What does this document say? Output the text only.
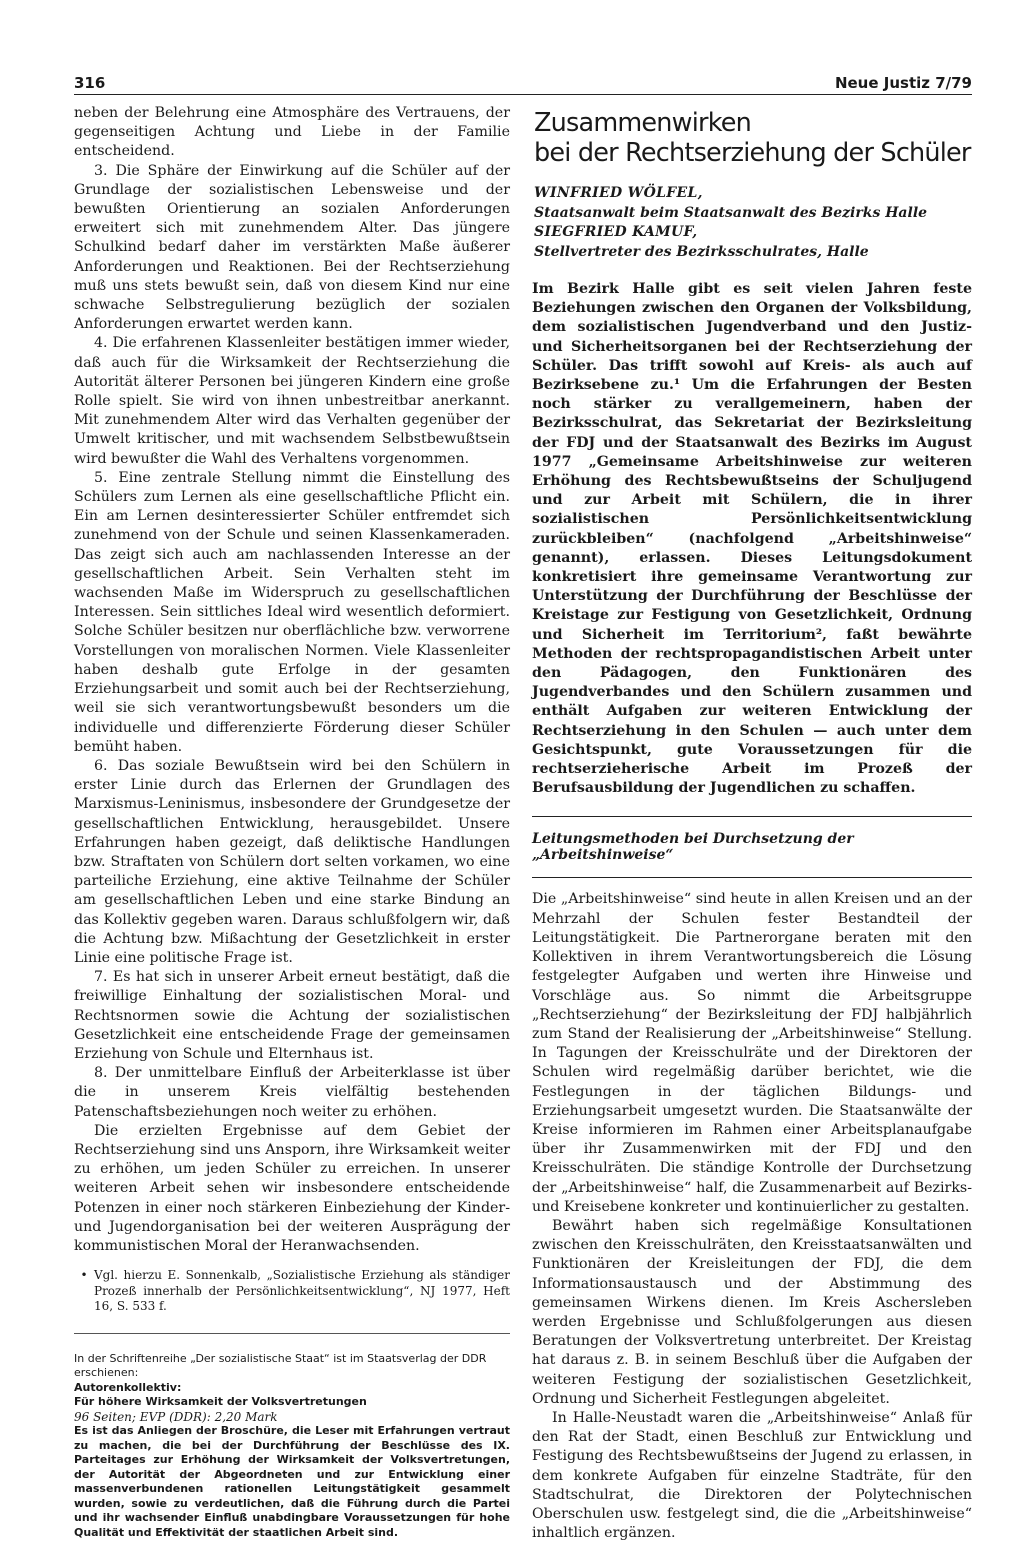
316	Neue Justiz 7/79

neben der Belehrung eine Atmosphäre des Vertrauens, der gegenseitigen Achtung und Liebe in der Familie entscheidend.

3. Die Sphäre der Einwirkung auf die Schüler auf der Grundlage der sozialistischen Lebensweise und der bewußten Orientierung an sozialen Anforderungen erweitert sich mit zunehmendem Alter. Das jüngere Schulkind bedarf daher im verstärkten Maße äußerer Anforderungen und Reaktionen. Bei der Rechtserziehung muß uns stets bewußt sein, daß von diesem Kind nur eine schwache Selbstregulierung bezüglich der sozialen Anforderungen erwartet werden kann.

4. Die erfahrenen Klassenleiter bestätigen immer wieder, daß auch für die Wirksamkeit der Rechtserziehung die Autorität älterer Personen bei jüngeren Kindern eine große Rolle spielt. Sie wird von ihnen unbestreitbar anerkannt. Mit zunehmendem Alter wird das Verhalten gegenüber der Umwelt kritischer, und mit wachsendem Selbstbewußtsein wird bewußter die Wahl des Verhaltens vorgenommen.

5. Eine zentrale Stellung nimmt die Einstellung des Schülers zum Lernen als eine gesellschaftliche Pflicht ein. Ein am Lernen desinteressierter Schüler entfremdet sich zunehmend von der Schule und seinen Klassenkameraden. Das zeigt sich auch am nachlassenden Interesse an der gesellschaftlichen Arbeit. Sein Verhalten steht im wachsenden Maße im Widerspruch zu gesellschaftlichen Interessen. Sein sittliches Ideal wird wesentlich deformiert. Solche Schüler besitzen nur oberflächliche bzw. verworrene Vorstellungen von moralischen Normen. Viele Klassenleiter haben deshalb gute Erfolge in der gesamten Erziehungsarbeit und somit auch bei der Rechtserziehung, weil sie sich verantwortungsbewußt besonders um die individuelle und differenzierte Förderung dieser Schüler bemüht haben.

6. Das soziale Bewußtsein wird bei den Schülern in erster Linie durch das Erlernen der Grundlagen des Marxismus-Leninismus, insbesondere der Grundgesetze der gesellschaftlichen Entwicklung, herausgebildet. Unsere Erfahrungen haben gezeigt, daß deliktische Handlungen bzw. Straftaten von Schülern dort selten vorkamen, wo eine parteiliche Erziehung, eine aktive Teilnahme der Schüler am gesellschaftlichen Leben und eine starke Bindung an das Kollektiv gegeben waren. Daraus schlußfolgern wir, daß die Achtung bzw. Mißachtung der Gesetzlichkeit in erster Linie eine politische Frage ist.

7. Es hat sich in unserer Arbeit erneut bestätigt, daß die freiwillige Einhaltung der sozialistischen Moral- und Rechtsnormen sowie die Achtung der sozialistischen Gesetzlichkeit eine entscheidende Frage der gemeinsamen Erziehung von Schule und Elternhaus ist.

8. Der unmittelbare Einfluß der Arbeiterklasse ist über die in unserem Kreis vielfältig bestehenden Patenschaftsbeziehungen noch weiter zu erhöhen.

Die erzielten Ergebnisse auf dem Gebiet der Rechtserziehung sind uns Ansporn, ihre Wirksamkeit weiter zu erhöhen, um jeden Schüler zu erreichen. In unserer weiteren Arbeit sehen wir insbesondere entscheidende Potenzen in einer noch stärkeren Einbeziehung der Kinder- und Jugendorganisation bei der weiteren Ausprägung der kommunistischen Moral der Heranwachsenden.

• Vgl. hierzu E. Sonnenkalb, „Sozialistische Erziehung als ständiger Prozeß innerhalb der Persönlichkeitsentwicklung“, NJ 1977, Heft 16, S. 533 f.
In der Schriftenreihe „Der sozialistische Staat“ ist im Staatsverlag der DDR erschienen:
Autorenkollektiv:
Für höhere Wirksamkeit der Volksvertretungen
96 Seiten; EVP (DDR): 2,20 Mark
Es ist das Anliegen der Broschüre, die Leser mit Erfahrungen vertraut zu machen, die bei der Durchführung der Beschlüsse des IX. Parteitages zur Erhöhung der Wirksamkeit der Volksvertretungen, der Autorität der Abgeordneten und zur Entwicklung einer massenverbundenen rationellen Leitungstätigkeit gesammelt wurden, sowie zu verdeutlichen, daß die Führung durch die Partei und ihr wachsender Einfluß unabdingbare Voraussetzungen für hohe Qualität und Effektivität der staatlichen Arbeit sind.
Zusammenwirken
bei der Rechtserziehung der Schüler
WINFRIED WÖLFEL,
Staatsanwalt beim Staatsanwalt des Bezirks Halle
SIEGFRIED KAMUF,
Stellvertreter des Bezirksschulrates, Halle

Im Bezirk Halle gibt es seit vielen Jahren feste Beziehungen zwischen den Organen der Volksbildung, dem sozialistischen Jugendverband und den Justiz- und Sicherheitsorganen bei der Rechtserziehung der Schüler. Das trifft sowohl auf Kreis- als auch auf Bezirksebene zu.¹ Um die Erfahrungen der Besten noch stärker zu verallgemeinern, haben der Bezirksschulrat, das Sekretariat der Bezirksleitung der FDJ und der Staatsanwalt des Bezirks im August 1977 „Gemeinsame Arbeitshinweise zur weiteren Erhöhung des Rechtsbewußtseins der Schuljugend und zur Arbeit mit Schülern, die in ihrer sozialistischen Persönlichkeitsentwicklung zurückbleiben“ (nachfolgend „Arbeitshinweise“ genannt), erlassen. Dieses Leitungsdokument konkretisiert ihre gemeinsame Verantwortung zur Unterstützung der Durchführung der Beschlüsse der Kreistage zur Festigung von Gesetzlichkeit, Ordnung und Sicherheit im Territorium², faßt bewährte Methoden der rechtspropagandistischen Arbeit unter den Pädagogen, den Funktionären des Jugendverbandes und den Schülern zusammen und enthält Aufgaben zur weiteren Entwicklung der Rechtserziehung in den Schulen — auch unter dem Gesichtspunkt, gute Voraussetzungen für die rechtserzieherische Arbeit im Prozeß der Berufsausbildung der Jugendlichen zu schaffen.

Leitungsmethoden bei Durchsetzung der „Arbeitshinweise“

Die „Arbeitshinweise“ sind heute in allen Kreisen und an der Mehrzahl der Schulen fester Bestandteil der Leitungstätigkeit. Die Partnerorgane beraten mit den Kollektiven in ihrem Verantwortungsbereich die Lösung festgelegter Aufgaben und werten ihre Hinweise und Vorschläge aus. So nimmt die Arbeitsgruppe „Rechtserziehung“ der Bezirksleitung der FDJ halbjährlich zum Stand der Realisierung der „Arbeitshinweise“ Stellung. In Tagungen der Kreisschulräte und der Direktoren der Schulen wird regelmäßig darüber berichtet, wie die Festlegungen in der täglichen Bildungs- und Erziehungsarbeit umgesetzt wurden. Die Staatsanwälte der Kreise informieren im Rahmen einer Arbeitsplanaufgabe über ihr Zusammenwirken mit der FDJ und den Kreisschulräten. Die ständige Kontrolle der Durchsetzung der „Arbeitshinweise“ half, die Zusammenarbeit auf Bezirks- und Kreisebene konkreter und kontinuierlicher zu gestalten.

Bewährt haben sich regelmäßige Konsultationen zwischen den Kreisschulräten, den Kreisstaatsanwälten und Funktionären der Kreisleitungen der FDJ, die dem Informationsaustausch und der Abstimmung des gemeinsamen Wirkens dienen. Im Kreis Aschersleben werden Ergebnisse und Schlußfolgerungen aus diesen Beratungen der Volksvertretung unterbreitet. Der Kreistag hat daraus z. B. in seinem Beschluß über die Aufgaben der weiteren Festigung der sozialistischen Gesetzlichkeit, Ordnung und Sicherheit Festlegungen abgeleitet.

In Halle-Neustadt waren die „Arbeitshinweise“ Anlaß für den Rat der Stadt, einen Beschluß zur Entwicklung und Festigung des Rechtsbewußtseins der Jugend zu erlassen, in dem konkrete Aufgaben für einzelne Stadträte, für den Stadtschulrat, die Direktoren der Polytechnischen Oberschulen usw. festgelegt sind, die die „Arbeitshinweise“ inhaltlich ergänzen.
